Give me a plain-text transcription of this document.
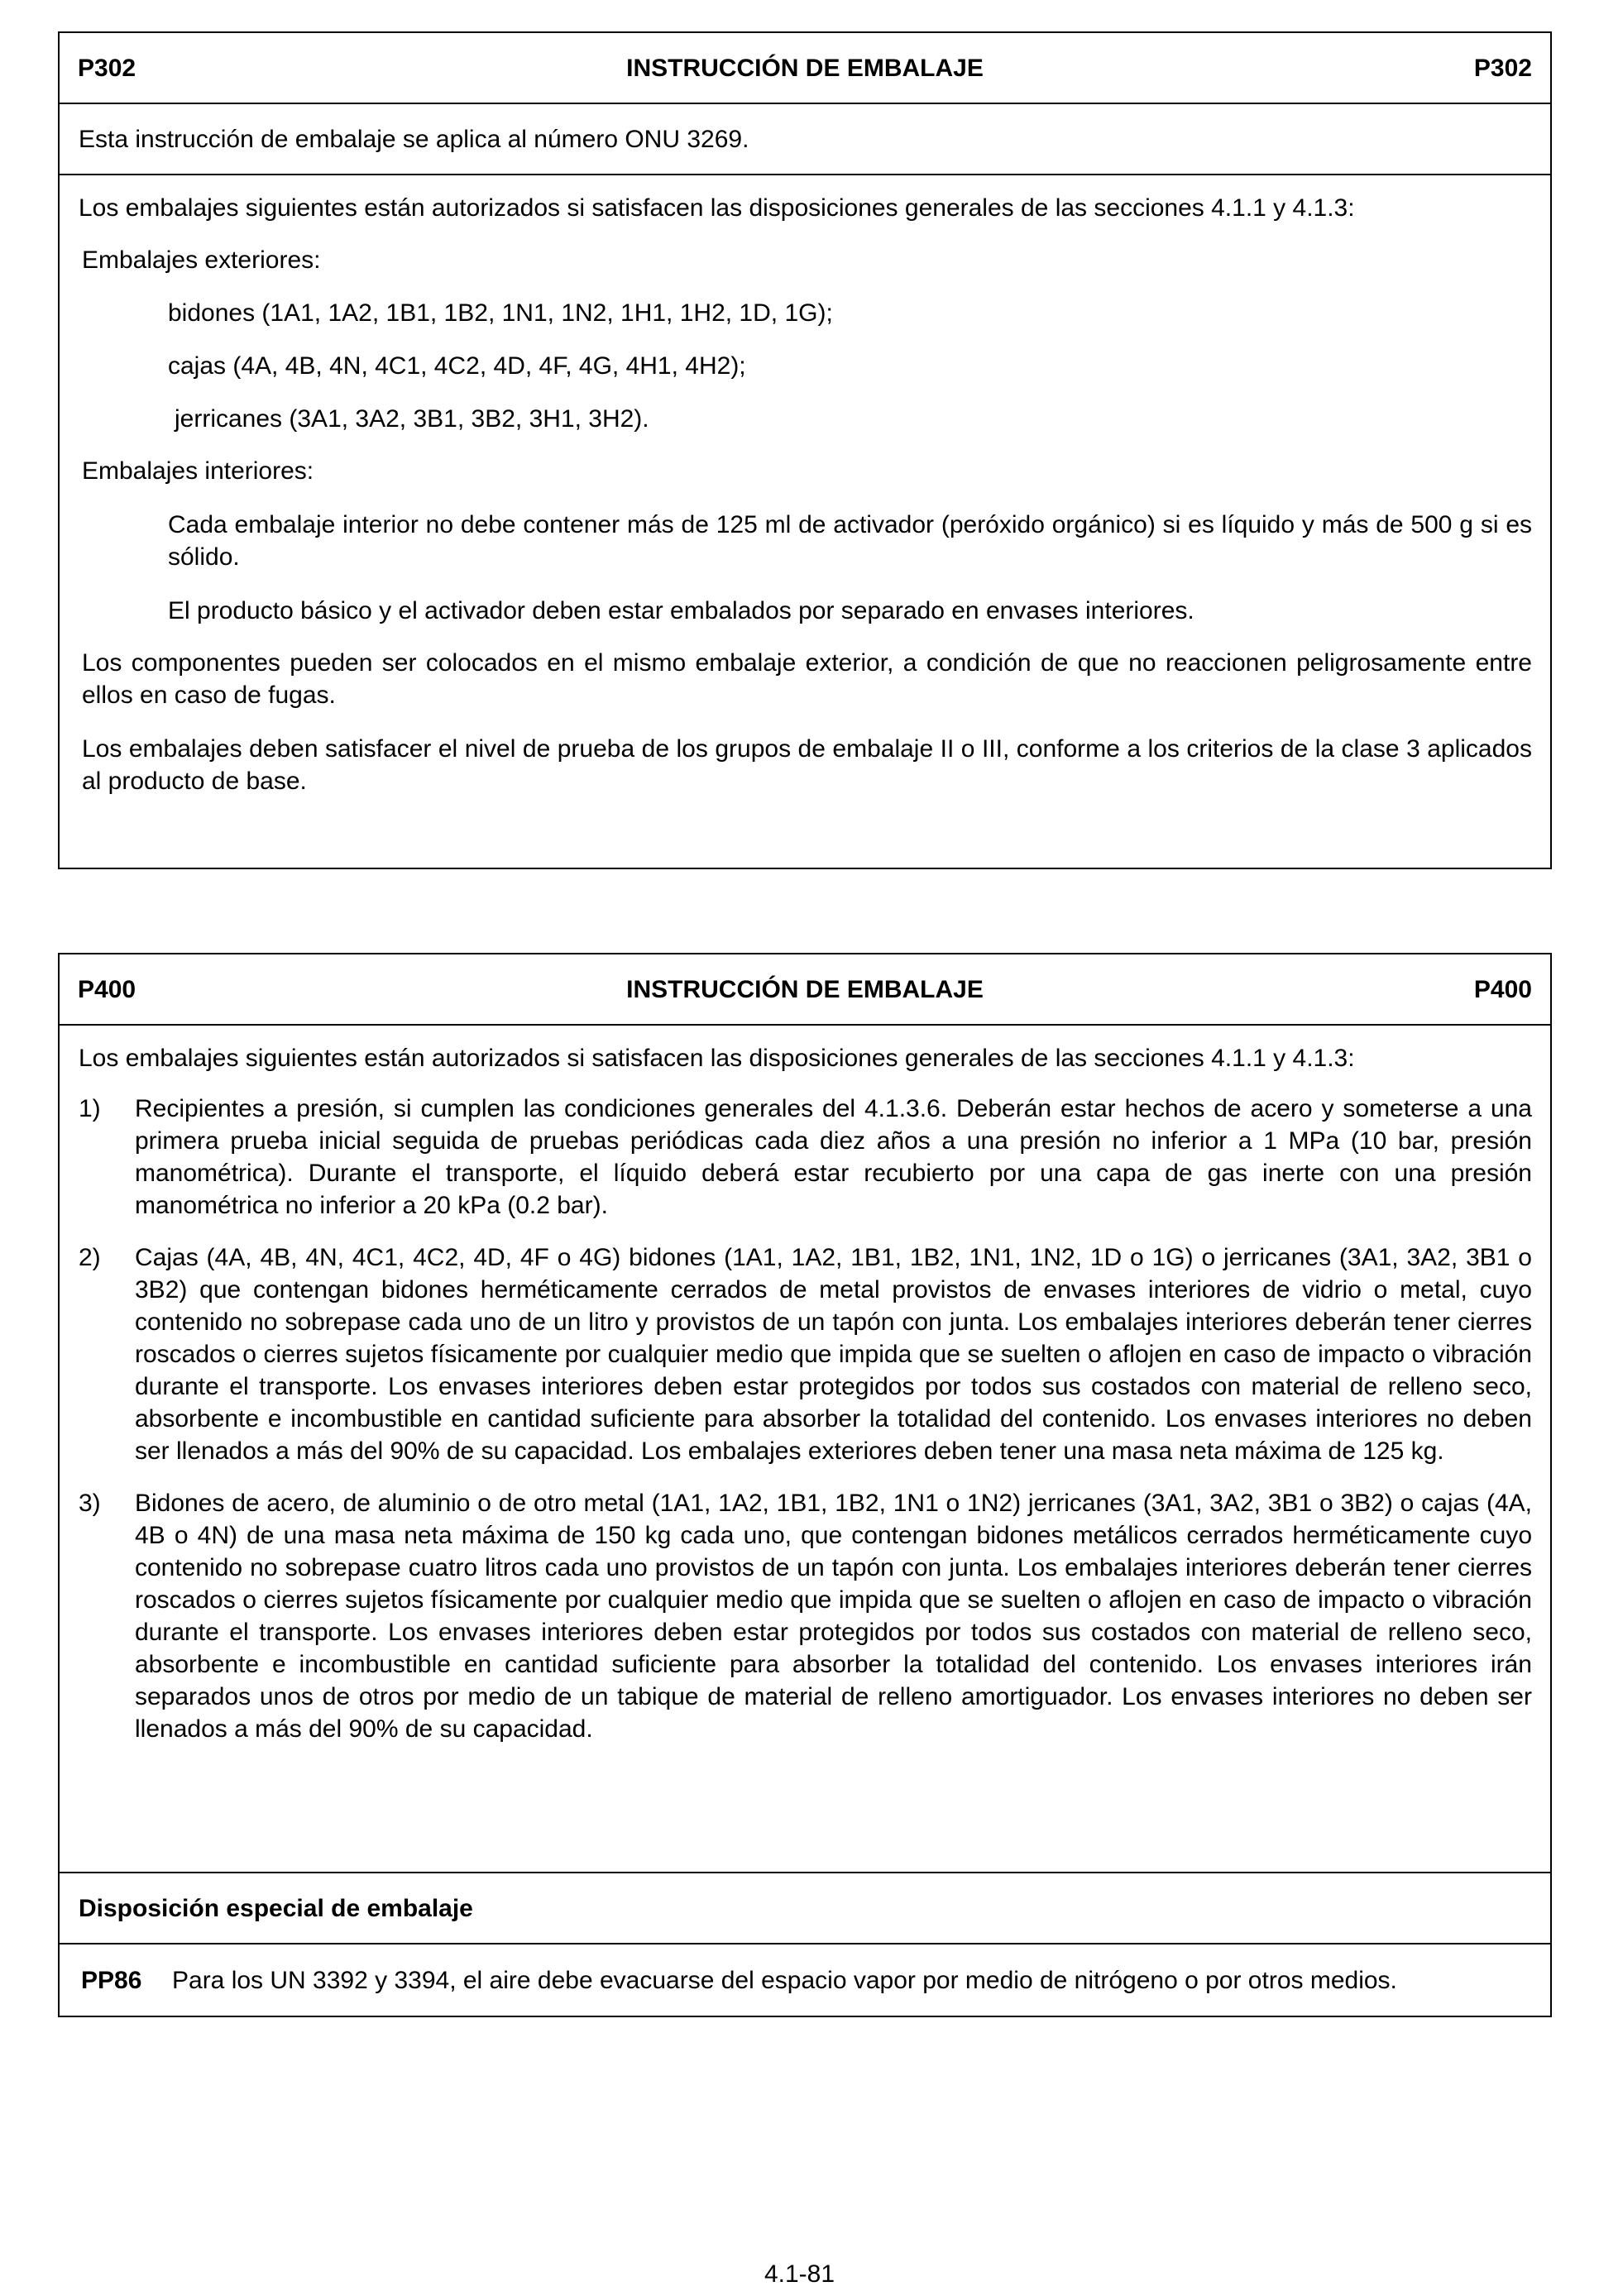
P302	INSTRUCCIÓN DE EMBALAJE	P302

Esta instrucción de embalaje se aplica al número ONU 3269.

Los embalajes siguientes están autorizados si satisfacen las disposiciones generales de las secciones 4.1.1 y 4.1.3:

Embalajes exteriores:

bidones (1A1, 1A2, 1B1, 1B2, 1N1, 1N2, 1H1, 1H2, 1D, 1G);

cajas (4A, 4B, 4N, 4C1, 4C2, 4D, 4F, 4G, 4H1, 4H2);

jerricanes (3A1, 3A2, 3B1, 3B2, 3H1, 3H2).

Embalajes interiores:

Cada embalaje interior no debe contener más de 125 ml de activador (peróxido orgánico) si es líquido y más de 500 g si es sólido.

El producto básico y el activador deben estar embalados por separado en envases interiores.

Los componentes pueden ser colocados en el mismo embalaje exterior, a condición de que no reaccionen peligrosamente entre ellos en caso de fugas.

Los embalajes deben satisfacer el nivel de prueba de los grupos de embalaje II o III, conforme a los criterios de la clase 3 aplicados al producto de base.

P400	INSTRUCCIÓN DE EMBALAJE	P400

Los embalajes siguientes están autorizados si satisfacen las disposiciones generales de las secciones 4.1.1 y 4.1.3:

1)	Recipientes a presión, si cumplen las condiciones generales del 4.1.3.6. Deberán estar hechos de acero y someterse a una primera prueba inicial seguida de pruebas periódicas cada diez años a una presión no inferior a 1 MPa (10 bar, presión manométrica). Durante el transporte, el líquido deberá estar recubierto por una capa de gas inerte con una presión manométrica no inferior a 20 kPa (0.2 bar).
2)	Cajas (4A, 4B, 4N, 4C1, 4C2, 4D, 4F o 4G) bidones (1A1, 1A2, 1B1, 1B2, 1N1, 1N2, 1D o 1G) o jerricanes (3A1, 3A2, 3B1 o 3B2) que contengan bidones herméticamente cerrados de metal provistos de envases interiores de vidrio o metal, cuyo contenido no sobrepase cada uno de un litro y provistos de un tapón con junta. Los embalajes interiores deberán tener cierres roscados o cierres sujetos físicamente por cualquier medio que impida que se suelten o aflojen en caso de impacto o vibración durante el transporte. Los envases interiores deben estar protegidos por todos sus costados con material de relleno seco, absorbente e incombustible en cantidad suficiente para absorber la totalidad del contenido. Los envases interiores no deben ser llenados a más del 90% de su capacidad. Los embalajes exteriores deben tener una masa neta máxima de 125 kg.
3)	Bidones de acero, de aluminio o de otro metal (1A1, 1A2, 1B1, 1B2, 1N1 o 1N2) jerricanes (3A1, 3A2, 3B1 o 3B2) o cajas (4A, 4B o 4N) de una masa neta máxima de 150 kg cada uno, que contengan bidones metálicos cerrados herméticamente cuyo contenido no sobrepase cuatro litros cada uno provistos de un tapón con junta. Los embalajes interiores deberán tener cierres roscados o cierres sujetos físicamente por cualquier medio que impida que se suelten o aflojen en caso de impacto o vibración durante el transporte. Los envases interiores deben estar protegidos por todos sus costados con material de relleno seco, absorbente e incombustible en cantidad suficiente para absorber la totalidad del contenido. Los envases interiores irán separados unos de otros por medio de un tabique de material de relleno amortiguador. Los envases interiores no deben ser llenados a más del 90% de su capacidad.

Disposición especial de embalaje

PP86	Para los UN 3392 y 3394, el aire debe evacuarse del espacio vapor por medio de nitrógeno o por otros medios.
4.1-81
